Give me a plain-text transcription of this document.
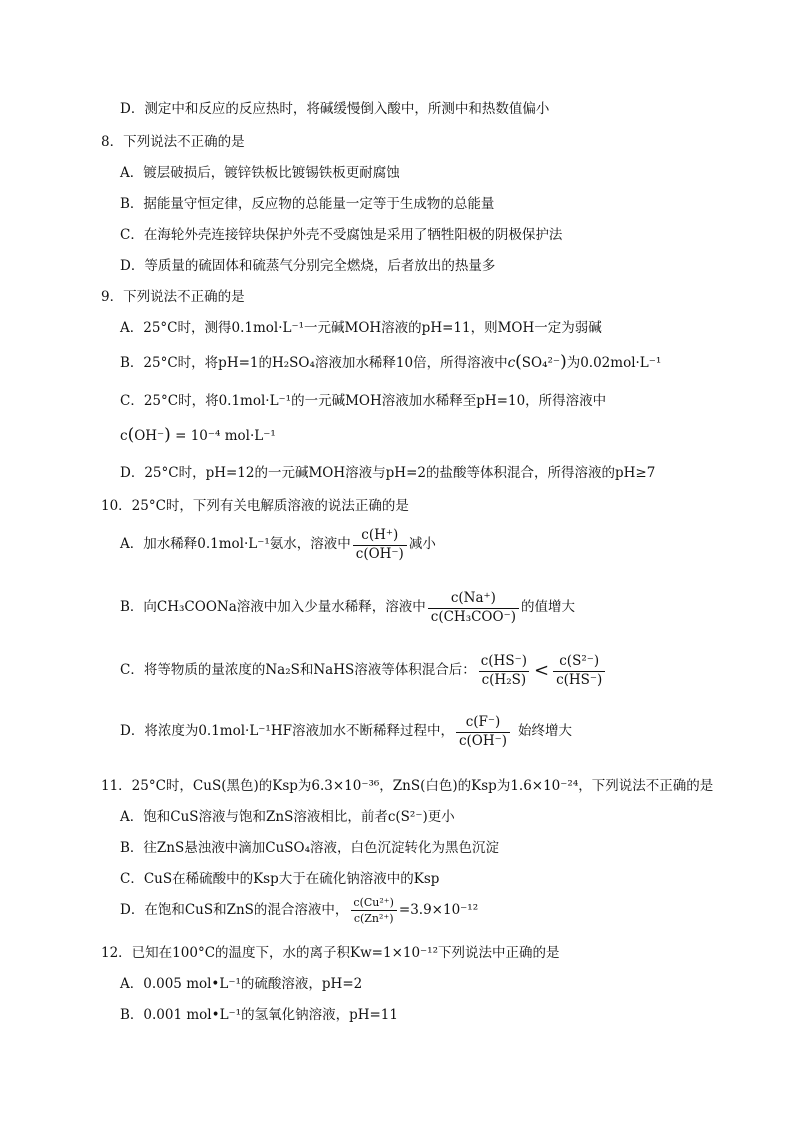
D．测定中和反应的反应热时，将碱缓慢倒入酸中，所测中和热数值偏小
8．下列说法不正确的是
A．镀层破损后，镀锌铁板比镀锡铁板更耐腐蚀
B．据能量守恒定律，反应物的总能量一定等于生成物的总能量
C．在海轮外壳连接锌块保护外壳不受腐蚀是采用了牺牲阳极的阴极保护法
D．等质量的硫固体和硫蒸气分别完全燃烧，后者放出的热量多
9．下列说法不正确的是
A．25°C时，测得0.1mol·L⁻¹一元碱MOH溶液的pH=11，则MOH一定为弱碱
B．25°C时，将pH=1的H₂SO₄溶液加水稀释10倍，所得溶液中c(SO₄²⁻)为0.02mol·L⁻¹
C．25°C时，将0.1mol·L⁻¹的一元碱MOH溶液加水稀释至pH=10，所得溶液中
c(OH⁻) = 10⁻⁴ mol·L⁻¹
D．25°C时，pH=12的一元碱MOH溶液与pH=2的盐酸等体积混合，所得溶液的pH≥7
10．25°C时，下列有关电解质溶液的说法正确的是
A．加水稀释0.1mol·L⁻¹氨水，溶液中 $\frac{c(H^+)}{c(OH^-)}$ 减小
B．向CH₃COONa溶液中加入少量水稀释，溶液中 $\frac{c(Na^+)}{\text{c(CH₃COO⁻)}}$ 的值增大
C．将等物质的量浓度的Na₂S和NaHS溶液等体积混合后： $\frac{c(HS^-)}{\text{c(H₂S)}} < \frac{\text{c(S²⁻)}}{c(HS^-)}$
D．将浓度为0.1mol·L⁻¹HF溶液加水不断稀释过程中， $\frac{c(F^-)}{c(OH^-)}$ 始终增大
11．25°C时，CuS(黑色)的Ksp为6.3×10⁻³⁶，ZnS(白色)的Ksp为1.6×10⁻²⁴，下列说法不正确的是
A．饱和CuS溶液与饱和ZnS溶液相比，前者c(S²⁻)更小
B．往ZnS悬浊液中滴加CuSO₄溶液，白色沉淀转化为黑色沉淀
C．CuS在稀硫酸中的Ksp大于在硫化钠溶液中的Ksp
D．在饱和CuS和ZnS的混合溶液中， $\frac{\text{c(Cu²⁺)}}{\text{c(Zn²⁺)}} =3.9\times 10^{-12}$
12．已知在100°C的温度下，水的离子积Kw=1×10⁻¹²下列说法中正确的是
A．0.005 mol•L⁻¹的硫酸溶液，pH=2
B．0.001 mol•L⁻¹的氢氧化钠溶液，pH=11
